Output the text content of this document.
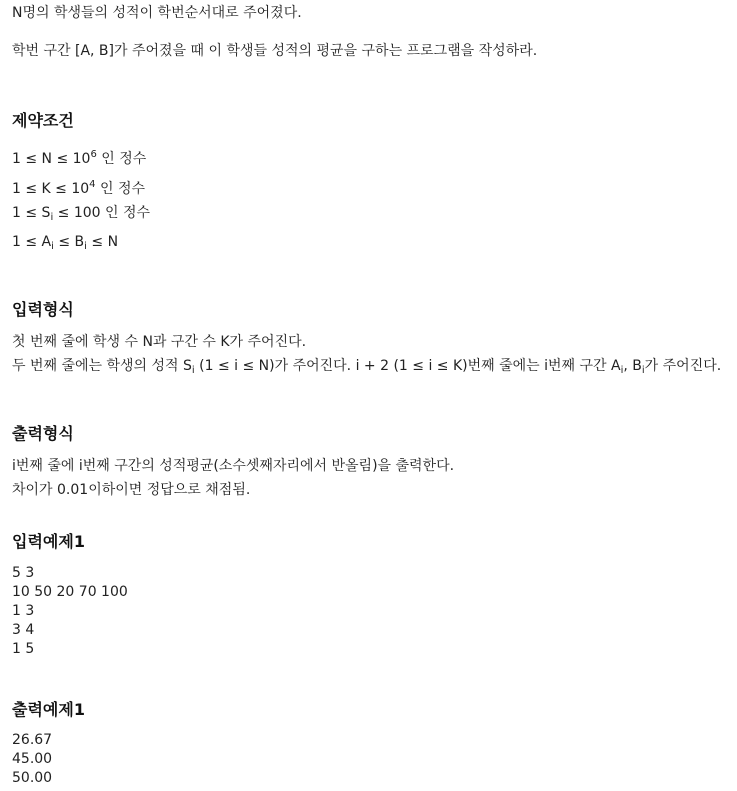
N명의 학생들의 성적이 학번순서대로 주어졌다.

학번 구간 [A, B]가 주어졌을 때 이 학생들 성적의 평균을 구하는 프로그램을 작성하라.

제약조건
$1 \le N \le 10^6$ 인 정수
$1 \le K \le 10^4$ 인 정수
$1 \le S_i \le 100$ 인 정수
$1 \le A_i \le B_i \le N$
입력형식
첫 번째 줄에 학생 수 N과 구간 수 K가 주어진다.
두 번째 줄에는 학생의 성적 $S_i$ (1 ≤ i ≤ N)가 주어진다. i + 2 (1 ≤ i ≤ K)번째 줄에는 i번째 구간 $A_i$, $B_i$가 주어진다.
출력형식
i번째 줄에 i번째 구간의 성적평균(소수셋째자리에서 반올림)을 출력한다.
차이가 0.01이하이면 정답으로 채점됨.
입력예제1
5 3
10 50 20 70 100
1 3
3 4
1 5
출력예제1
26.67
45.00
50.00
